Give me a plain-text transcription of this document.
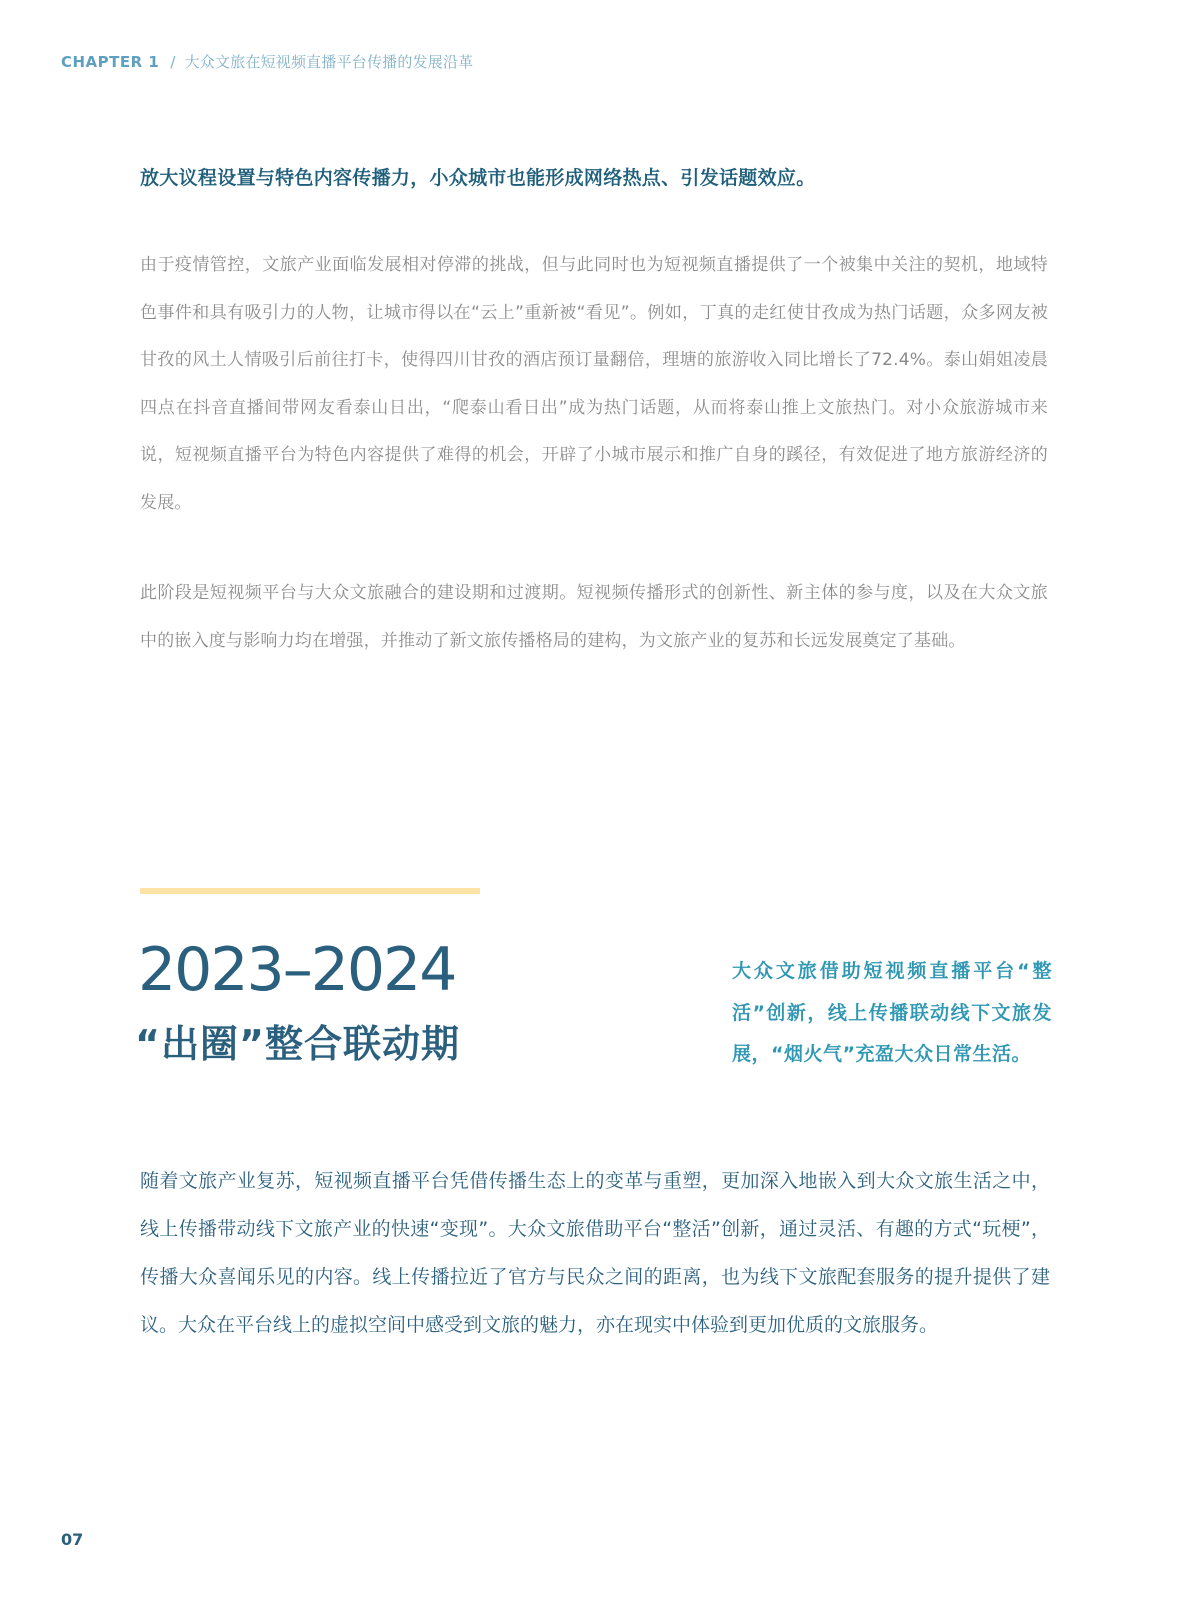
CHAPTER 1 / 大众文旅在短视频直播平台传播的发展沿革
放大议程设置与特色内容传播力，小众城市也能形成网络热点、引发话题效应。

由于疫情管控，文旅产业面临发展相对停滞的挑战，但与此同时也为短视频直播提供了一个被集中关注的契机，地域特色事件和具有吸引力的人物，让城市得以在“云上”重新被“看见”。例如，丁真的走红使甘孜成为热门话题，众多网友被甘孜的风土人情吸引后前往打卡，使得四川甘孜的酒店预订量翻倍，理塘的旅游收入同比增长了72.4%。泰山娟姐凌晨四点在抖音直播间带网友看泰山日出，“爬泰山看日出”成为热门话题，从而将泰山推上文旅热门。对小众旅游城市来说，短视频直播平台为特色内容提供了难得的机会，开辟了小城市展示和推广自身的蹊径，有效促进了地方旅游经济的发展。

此阶段是短视频平台与大众文旅融合的建设期和过渡期。短视频传播形式的创新性、新主体的参与度，以及在大众文旅中的嵌入度与影响力均在增强，并推动了新文旅传播格局的建构，为文旅产业的复苏和长远发展奠定了基础。

2023–2024
“出圈”整合联动期
大众文旅借助短视频直播平台“整活”创新，线上传播联动线下文旅发展，“烟火气”充盈大众日常生活。

随着文旅产业复苏，短视频直播平台凭借传播生态上的变革与重塑，更加深入地嵌入到大众文旅生活之中，线上传播带动线下文旅产业的快速“变现”。大众文旅借助平台“整活”创新，通过灵活、有趣的方式“玩梗”，传播大众喜闻乐见的内容。线上传播拉近了官方与民众之间的距离，也为线下文旅配套服务的提升提供了建议。大众在平台线上的虚拟空间中感受到文旅的魅力，亦在现实中体验到更加优质的文旅服务。

07
